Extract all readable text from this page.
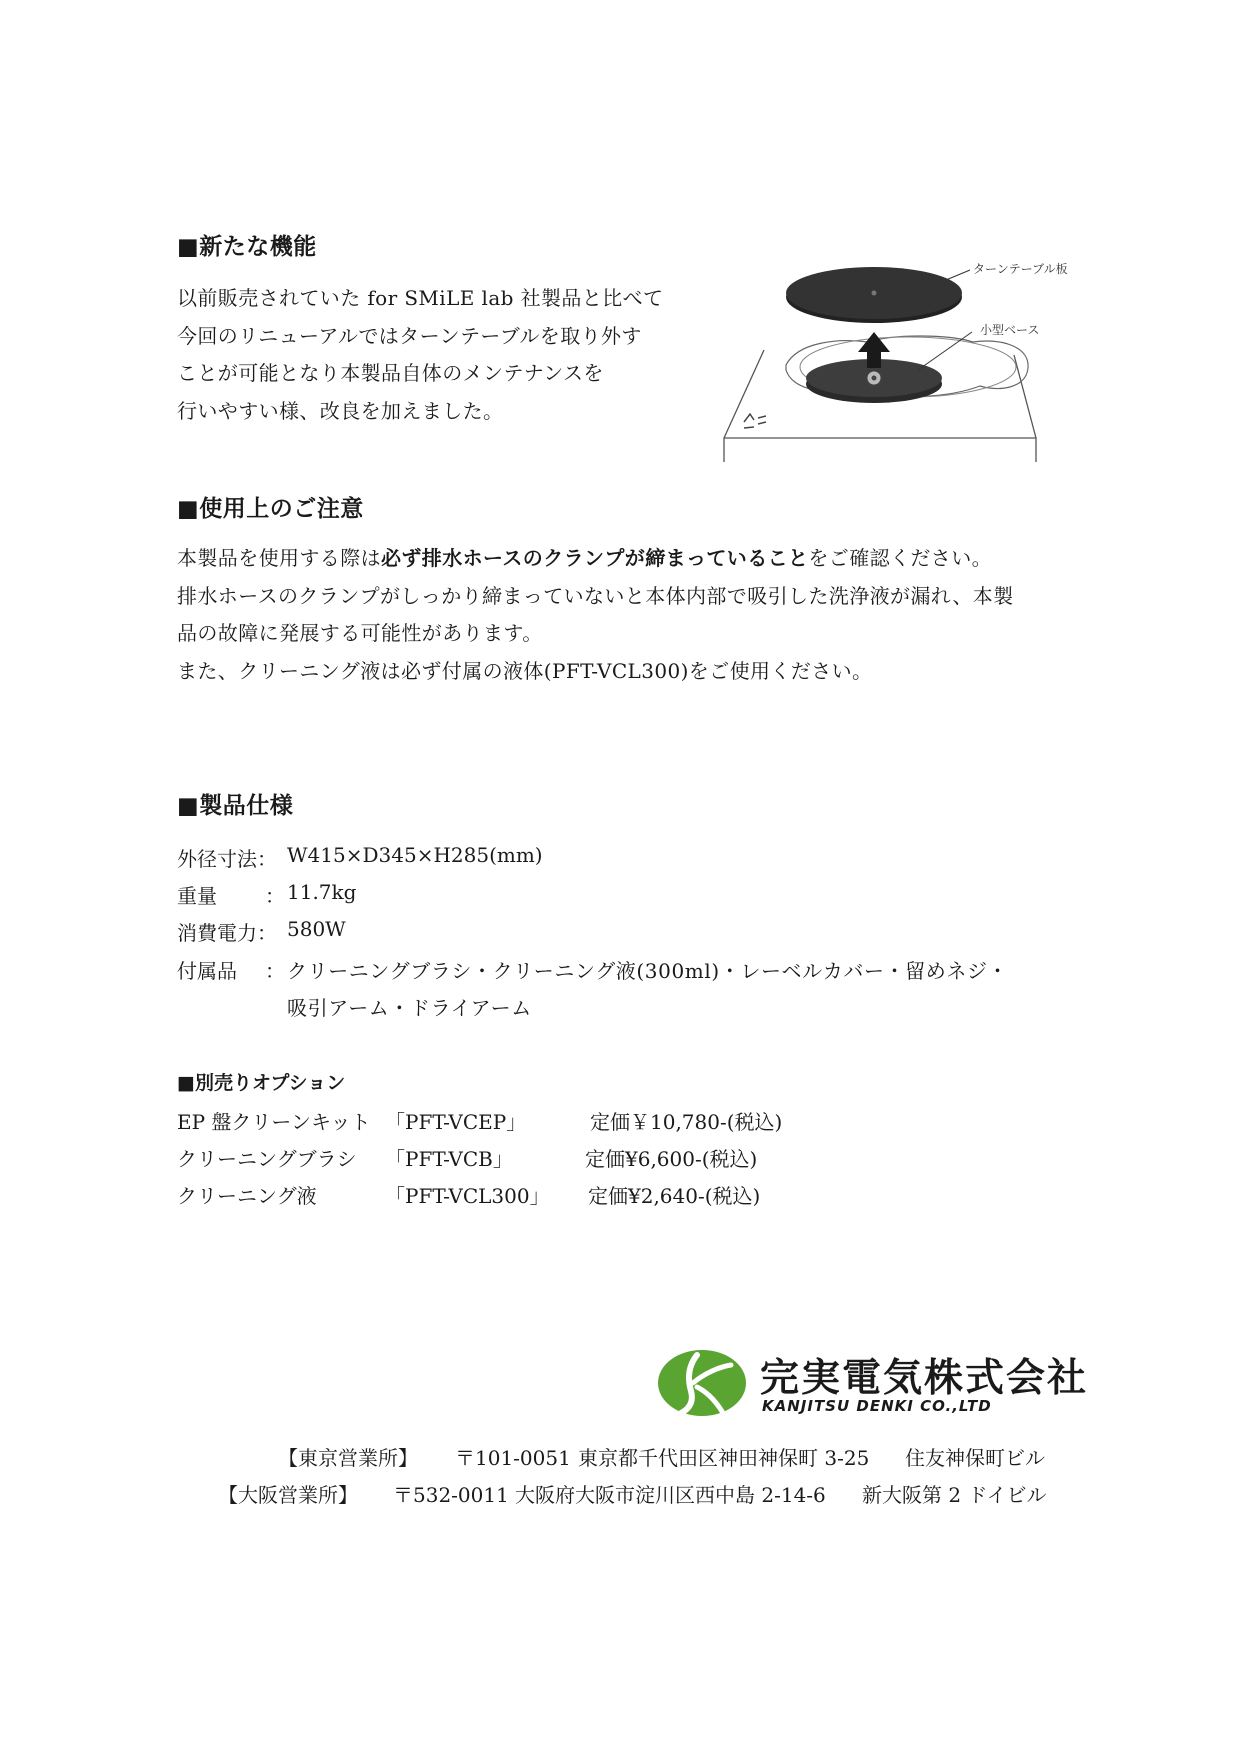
■新たな機能
以前販売されていた for SMiLE lab 社製品と比べて
今回のリニューアルではターンテーブルを取り外す
ことが可能となり本製品自体のメンテナンスを
行いやすい様、改良を加えました。
ターンテーブル板
小型ベース
■使用上のご注意
本製品を使用する際は必ず排水ホースのクランプが締まっていることをご確認ください。
排水ホースのクランプがしっかり締まっていないと本体内部で吸引した洗浄液が漏れ、本製
品の故障に発展する可能性があります。
また、クリーニング液は必ず付属の液体(PFT-VCL300)をご使用ください。
■製品仕様
外径寸法 ： W415×D345×H285(mm)
重量 ： 11.7kg
消費電力 ： 580W
付属品 ： クリーニングブラシ・クリーニング液(300ml)・レーベルカバー・留めネジ・
吸引アーム・ドライアーム
■別売りオプション
EP 盤クリーンキット 「PFT-VCEP」	定価￥10,780-(税込)
クリーニングブラシ 「PFT-VCB」	定価¥6,600-(税込)
クリーニング液	「PFT-VCL300」 定価¥2,640-(税込)
完実電気株式会社
KANJITSU DENKI CO.,LTD
【東京営業所】 〒101-0051 東京都千代田区神田神保町 3-25 住友神保町ビル
【大阪営業所】 〒532-0011 大阪府大阪市淀川区西中島 2-14-6 新大阪第 2 ドイビル
